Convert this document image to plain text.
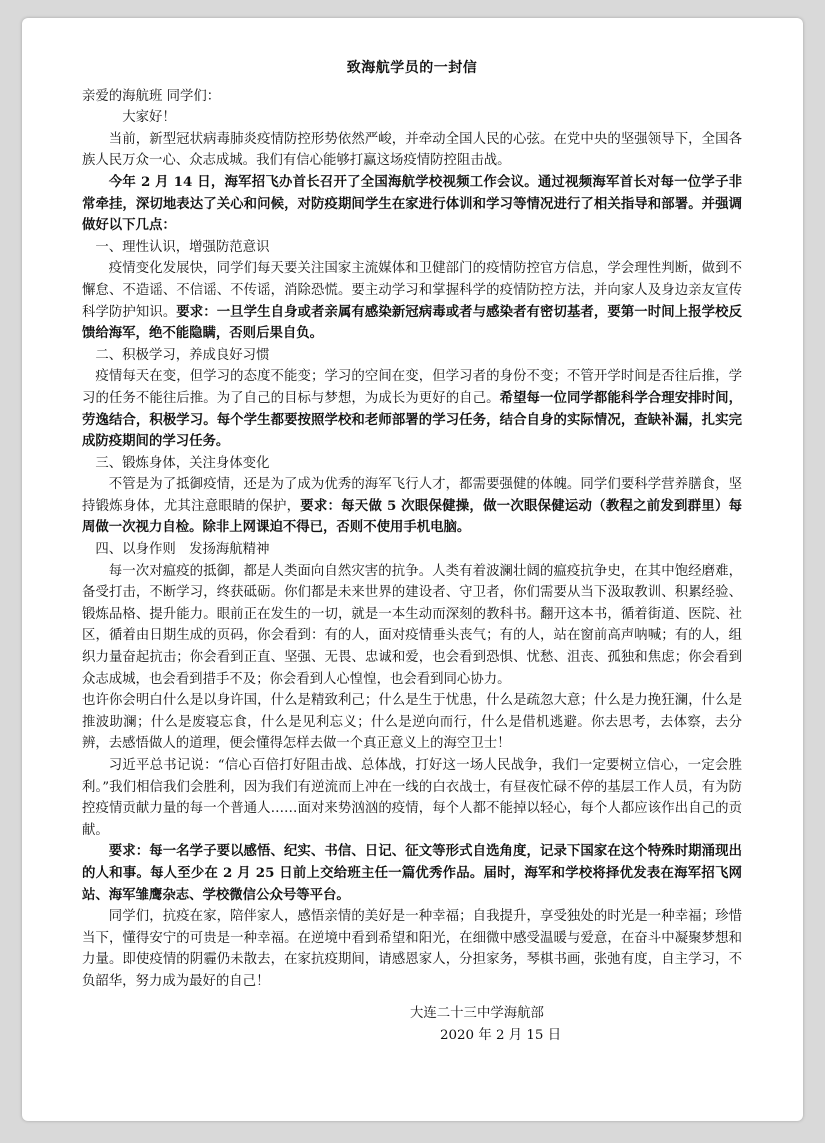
致海航学员的一封信
亲爱的海航班 同学们：
大家好！
当前，新型冠状病毒肺炎疫情防控形势依然严峻，并牵动全国人民的心弦。在党中央的坚强领导下，全国各族人民万众一心、众志成城。我们有信心能够打赢这场疫情防控阻击战。
今年 2 月 14 日，海军招飞办首长召开了全国海航学校视频工作会议。通过视频海军首长对每一位学子非常牵挂，深切地表达了关心和问候，对防疫期间学生在家进行体训和学习等情况进行了相关指导和部署。并强调做好以下几点：
一、理性认识，增强防范意识
疫情变化发展快，同学们每天要关注国家主流媒体和卫健部门的疫情防控官方信息，学会理性判断，做到不懈怠、不造谣、不信谣、不传谣，消除恐慌。要主动学习和掌握科学的疫情防控方法，并向家人及身边亲友宣传科学防护知识。要求：一旦学生自身或者亲属有感染新冠病毒或者与感染者有密切基者，要第一时间上报学校反馈给海军，绝不能隐瞒，否则后果自负。
二、积极学习，养成良好习惯
疫情每天在变，但学习的态度不能变；学习的空间在变，但学习者的身份不变；不管开学时间是否往后推，学习的任务不能往后推。为了自己的目标与梦想，为成长为更好的自己。希望每一位同学都能科学合理安排时间，劳逸结合，积极学习。每个学生都要按照学校和老师部署的学习任务，结合自身的实际情况，查缺补漏，扎实完成防疫期间的学习任务。
三、锻炼身体，关注身体变化
不管是为了抵御疫情，还是为了成为优秀的海军飞行人才，都需要强健的体魄。同学们要科学营养膳食，坚持锻炼身体，尤其注意眼睛的保护，要求：每天做 5 次眼保健操，做一次眼保健运动（教程之前发到群里）每周做一次视力自检。除非上网课迫不得已，否则不使用手机电脑。
四、以身作则　发扬海航精神
每一次对瘟疫的抵御，都是人类面向自然灾害的抗争。人类有着波澜壮阔的瘟疫抗争史，在其中饱经磨难，备受打击，不断学习，终获砥砺。你们都是未来世界的建设者、守卫者，你们需要从当下汲取教训、积累经验、锻炼品格、提升能力。眼前正在发生的一切，就是一本生动而深刻的教科书。翻开这本书，循着街道、医院、社区，循着由日期生成的页码，你会看到：有的人，面对疫情垂头丧气；有的人，站在窗前高声呐喊；有的人，组织力量奋起抗击；你会看到正直、坚强、无畏、忠诚和爱，也会看到恐惧、忧愁、沮丧、孤独和焦虑；你会看到众志成城，也会看到措手不及；你会看到人心惶惶，也会看到同心协力。
也许你会明白什么是以身许国，什么是精致利己；什么是生于忧患，什么是疏忽大意；什么是力挽狂澜，什么是推波助澜；什么是废寝忘食，什么是见利忘义；什么是逆向而行，什么是借机逃避。你去思考，去体察，去分辨，去感悟做人的道理，便会懂得怎样去做一个真正意义上的海空卫士！
习近平总书记说：“信心百倍打好阻击战、总体战，打好这一场人民战争，我们一定要树立信心，一定会胜利。”我们相信我们会胜利，因为我们有逆流而上冲在一线的白衣战士，有昼夜忙碌不停的基层工作人员，有为防控疫情贡献力量的每一个普通人……面对来势汹汹的疫情，每个人都不能掉以轻心，每个人都应该作出自己的贡献。
要求：每一名学子要以感悟、纪实、书信、日记、征文等形式自选角度，记录下国家在这个特殊时期涌现出的人和事。每人至少在 2 月 25 日前上交给班主任一篇优秀作品。届时，海军和学校将择优发表在海军招飞网站、海军雏鹰杂志、学校微信公众号等平台。
同学们，抗疫在家，陪伴家人，感悟亲情的美好是一种幸福；自我提升，享受独处的时光是一种幸福；珍惜当下，懂得安宁的可贵是一种幸福。在逆境中看到希望和阳光，在细微中感受温暖与爱意，在奋斗中凝聚梦想和力量。即使疫情的阴霾仍未散去，在家抗疫期间，请感恩家人，分担家务，琴棋书画，张弛有度，自主学习，不负韶华，努力成为最好的自己！
大连二十三中学海航部
2020 年 2 月 15 日
